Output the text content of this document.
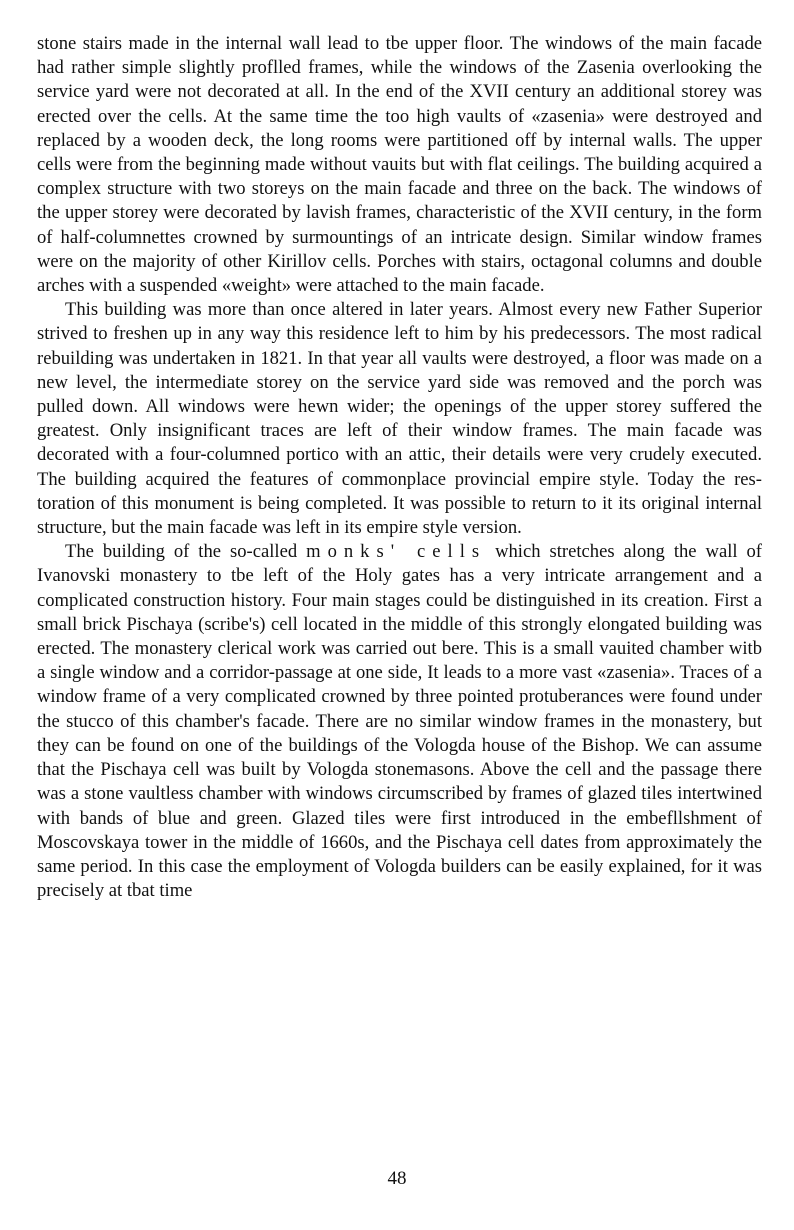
stone stairs made in the internal wall lead to tbe upper floor. The windows of the main facade had rather simple slightly proflled frames, while the windows of the Zasenia overlooking the service yard were not decorated at all. In the end of the XVII century an additional storey was erected over the cells. At the same time the too high vaults of «zasenia» were destroyed and replaced by a wooden deck, the long rooms were partitioned off by internal walls. The upper cells were from the beginning made without vauits but with flat ceilings. The building acquired a complex structure with two storeys on the main facade and three on the back. The windows of the upper storey were decorated by lavish frames, characteristic of the XVII century, in the form of half-columnettes crowned by surmountings of an intricate design. Similar window frames were on the majority of other Kirillov cells. Porches with stairs, octagonal columns and double arches with a suspended «weight» were attached to the main facade.

This building was more than once altered in later years. Almost every new Father Superior strived to freshen up in any way this residence left to him by his predecessors. The most radical rebuilding was undertaken in 1821. In that year all vaults were destroyed, a floor was made on a new level, the intermediate storey on the service yard side was removed and the porch was pulled down. All windows were hewn wider; the openings of the upper storey suffered the greatest. Only insignificant traces are left of their window frames. The main facade was decorated with a four-columned portico with an attic, their details were very crudely executed. The building acquired the features of commonplace provincial empire style. Today the restoration of this monument is being completed. It was possible to return to it its original internal structure, but the main facade was left in its empire style version.

The building of the so-called monks' cells which stretches along the wall of Ivanovski monastery to tbe left of the Holy gates has a very intricate arrangement and a complicated construction history. Four main stages could be distinguished in its creation. First a small brick Pischaya (scribe's) cell located in the middle of this strongly elongated building was erected. The monastery clerical work was carried out bere. This is a small vauited chamber witb a single window and a corridor-passage at one side, It leads to a more vast «zasenia». Traces of a window frame of a very complicated crowned by three pointed protuberances were found under the stucco of this chamber's facade. There are no similar window frames in the monastery, but they can be found on one of the buildings of the Vologda house of the Bishop. We can assume that the Pischaya cell was built by Vologda stonemasons. Above the cell and the passage there was a stone vaultless chamber with windows circumscribed by frames of glazed tiles intertwined with bands of blue and green. Glazed tiles were first introduced in the embefllshment of Moscovskaya tower in the middle of 1660s, and the Pischaya cell dates from approximately the same period. In this case the employment of Vologda builders can be easily explained, for it was precisely at tbat time

48
